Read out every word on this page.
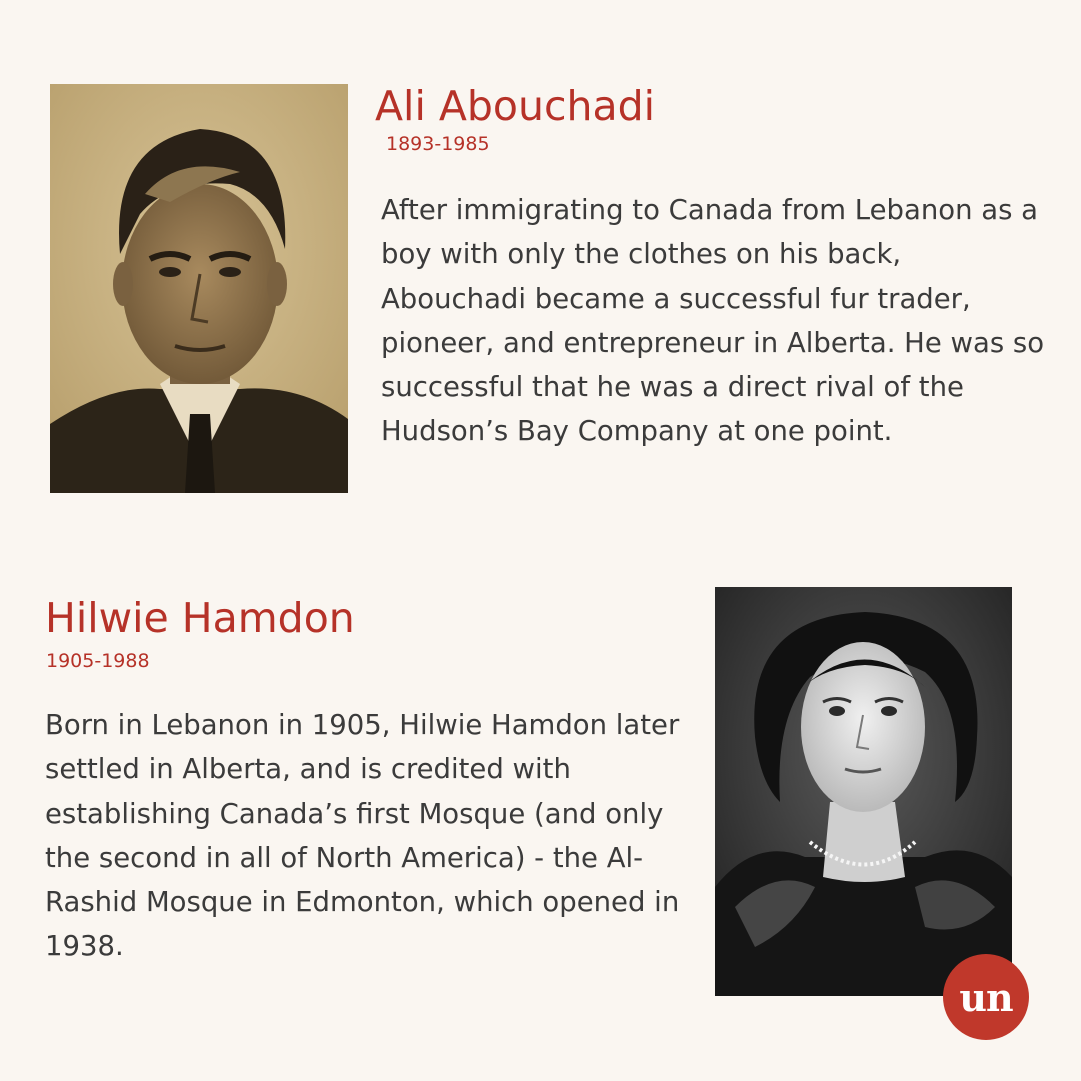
Ali Abouchadi
1893-1985

After immigrating to Canada from Lebanon as a boy with only the clothes on his back, Abouchadi became a successful fur trader, pioneer, and entrepreneur in Alberta. He was so successful that he was a direct rival of the Hudson’s Bay Company at one point.

Hilwie Hamdon
1905-1988

Born in Lebanon in 1905, Hilwie Hamdon later settled in Alberta, and is credited with establishing Canada’s first Mosque (and only the second in all of North America) - the Al-Rashid Mosque in Edmonton, which opened in 1938.

un
